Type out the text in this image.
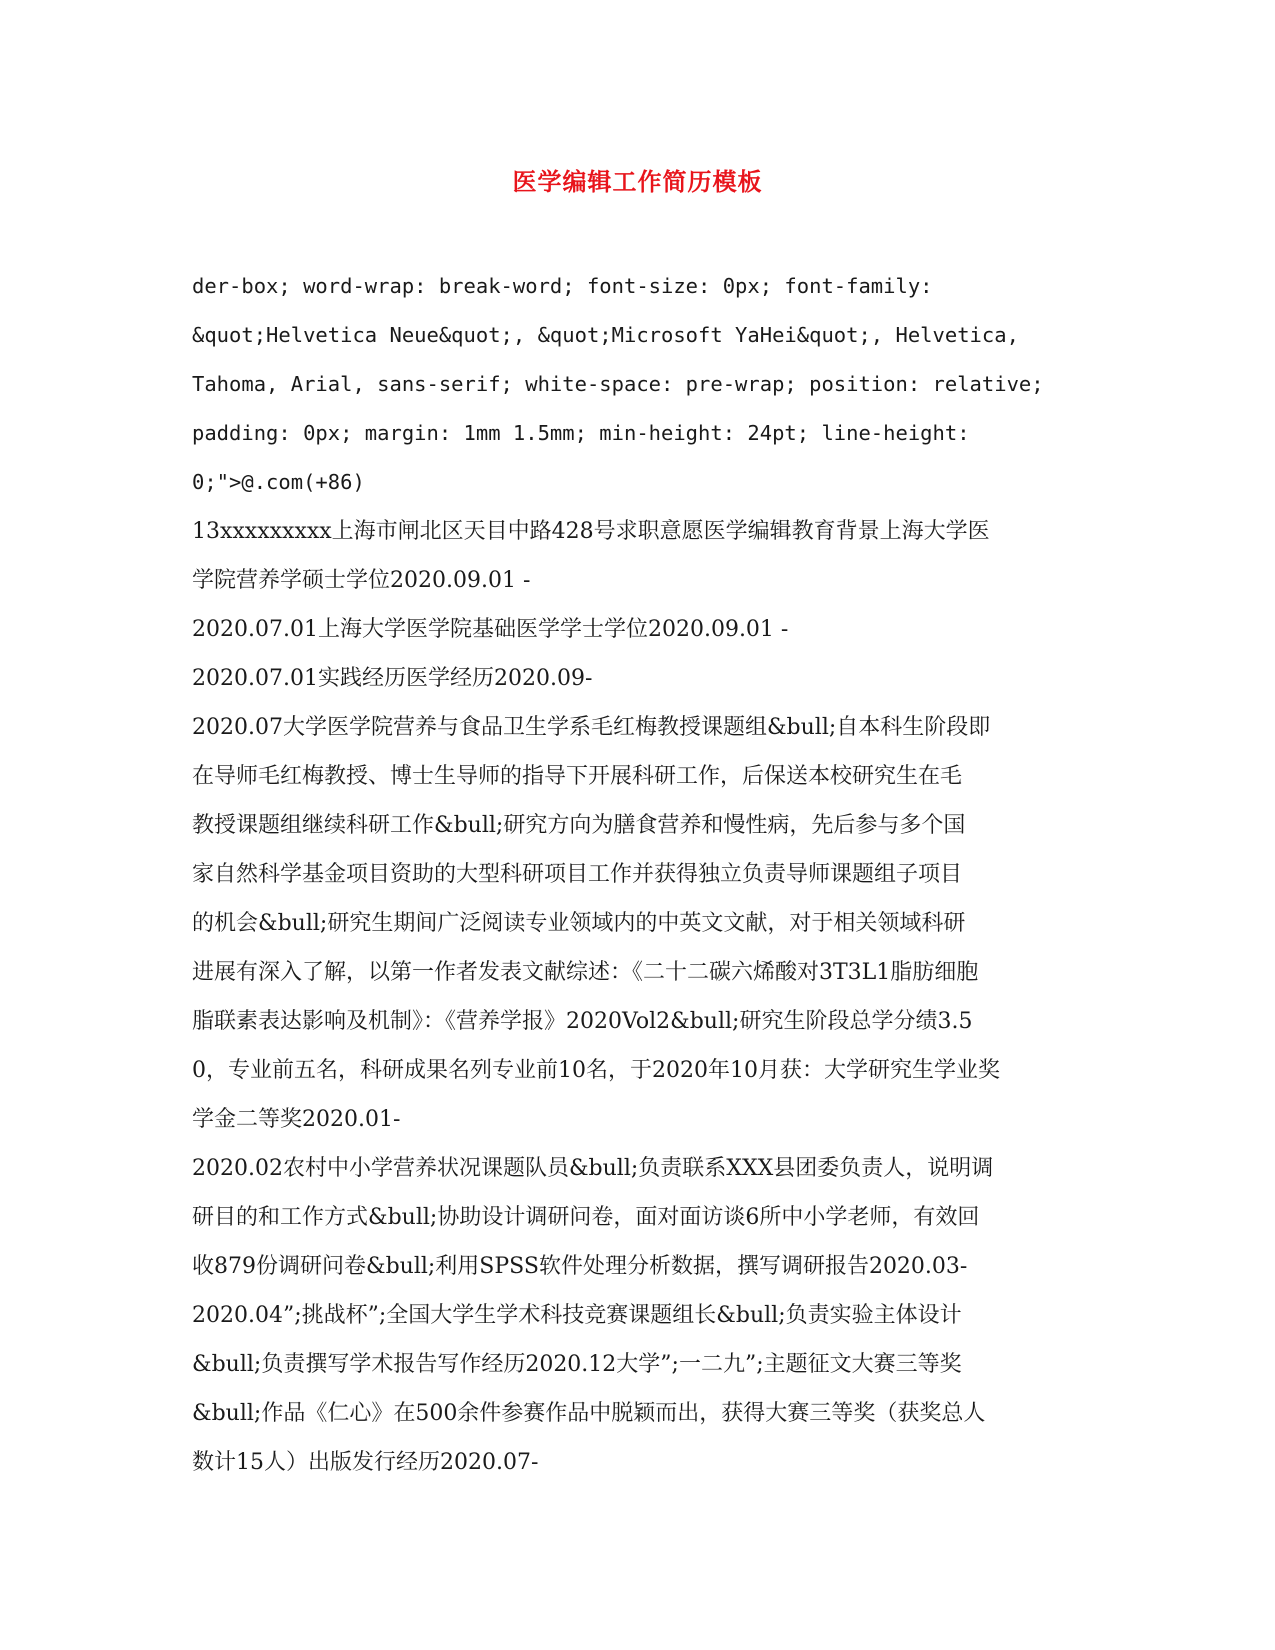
医学编辑工作简历模板
der-box; word-wrap: break-word; font-size: 0px; font-family:
&quot;Helvetica Neue&quot;, &quot;Microsoft YaHei&quot;, Helvetica,
Tahoma, Arial, sans-serif; white-space: pre-wrap; position: relative;
padding: 0px; margin: 1mm 1.5mm; min-height: 24pt; line-height:
0;">@.com(+86)
13xxxxxxxxx上海市闸北区天目中路428号求职意愿医学编辑教育背景上海大学医
学院营养学硕士学位2020.09.01 -
2020.07.01上海大学医学院基础医学学士学位2020.09.01 -
2020.07.01实践经历医学经历2020.09-
2020.07大学医学院营养与食品卫生学系毛红梅教授课题组&bull;自本科生阶段即
在导师毛红梅教授、博士生导师的指导下开展科研工作，后保送本校研究生在毛
教授课题组继续科研工作&bull;研究方向为膳食营养和慢性病，先后参与多个国
家自然科学基金项目资助的大型科研项目工作并获得独立负责导师课题组子项目
的机会&bull;研究生期间广泛阅读专业领域内的中英文文献，对于相关领域科研
进展有深入了解，以第一作者发表文献综述：《二十二碳六烯酸对3T3L1脂肪细胞
脂联素表达影响及机制》：《营养学报》2020Vol2&bull;研究生阶段总学分绩3.5
0，专业前五名，科研成果名列专业前10名，于2020年10月获：大学研究生学业奖
学金二等奖2020.01-
2020.02农村中小学营养状况课题队员&bull;负责联系XXX县团委负责人，说明调
研目的和工作方式&bull;协助设计调研问卷，面对面访谈6所中小学老师，有效回
收879份调研问卷&bull;利用SPSS软件处理分析数据，撰写调研报告2020.03-
2020.04”;挑战杯”;全国大学生学术科技竞赛课题组长&bull;负责实验主体设计
&bull;负责撰写学术报告写作经历2020.12大学”;一二九”;主题征文大赛三等奖
&bull;作品《仁心》在500余件参赛作品中脱颖而出，获得大赛三等奖（获奖总人
数计15人）出版发行经历2020.07-
